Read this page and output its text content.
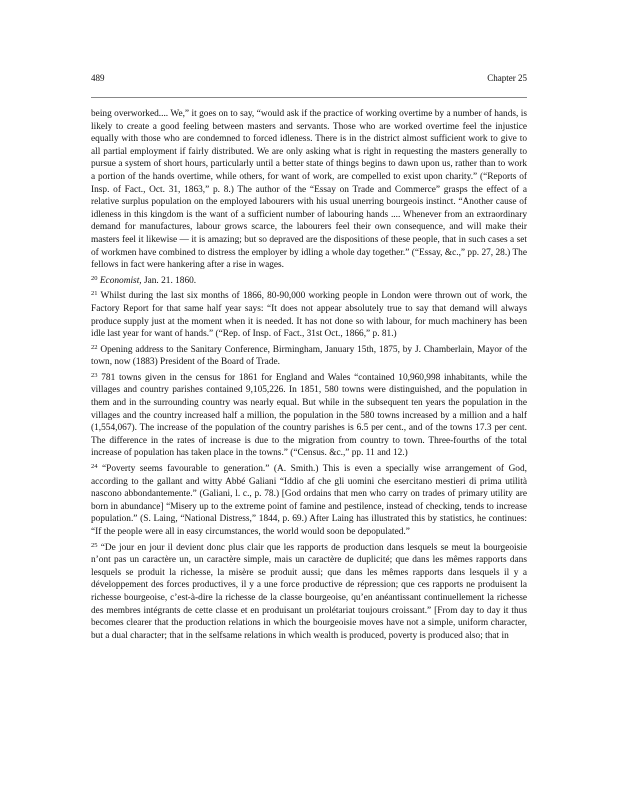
489	Chapter 25

being overworked.... We,” it goes on to say, “would ask if the practice of working overtime by a number of hands, is likely to create a good feeling between masters and servants. Those who are worked overtime feel the injustice equally with those who are condemned to forced idleness. There is in the district almost sufficient work to give to all partial employment if fairly distributed. We are only asking what is right in requesting the masters generally to pursue a system of short hours, particularly until a better state of things begins to dawn upon us, rather than to work a portion of the hands overtime, while others, for want of work, are compelled to exist upon charity.” (“Reports of Insp. of Fact., Oct. 31, 1863,” p. 8.) The author of the “Essay on Trade and Commerce” grasps the effect of a relative surplus population on the employed labourers with his usual unerring bourgeois instinct. “Another cause of idleness in this kingdom is the want of a sufficient number of labouring hands .... Whenever from an extraordinary demand for manufactures, labour grows scarce, the labourers feel their own consequence, and will make their masters feel it likewise — it is amazing; but so depraved are the dispositions of these people, that in such cases a set of workmen have combined to distress the employer by idling a whole day together.” (“Essay, &c.,” pp. 27, 28.) The fellows in fact were hankering after a rise in wages.

$^{20}$ Economist, Jan. 21. 1860.

$^{21}$ Whilst during the last six months of 1866, 80-90,000 working people in London were thrown out of work, the Factory Report for that same half year says: “It does not appear absolutely true to say that demand will always produce supply just at the moment when it is needed. It has not done so with labour, for much machinery has been idle last year for want of hands.” (“Rep. of Insp. of Fact., 31st Oct., 1866,” p. 81.)

$^{22}$ Opening address to the Sanitary Conference, Birmingham, January 15th, 1875, by J. Chamberlain, Mayor of the town, now (1883) President of the Board of Trade.

$^{23}$ 781 towns given in the census for 1861 for England and Wales “contained 10,960,998 inhabitants, while the villages and country parishes contained 9,105,226. In 1851, 580 towns were distinguished, and the population in them and in the surrounding country was nearly equal. But while in the subsequent ten years the population in the villages and the country increased half a million, the population in the 580 towns increased by a million and a half (1,554,067). The increase of the population of the country parishes is 6.5 per cent., and of the towns 17.3 per cent. The difference in the rates of increase is due to the migration from country to town. Three-fourths of the total increase of population has taken place in the towns.” (“Census. &c.,” pp. 11 and 12.)

$^{24}$ “Poverty seems favourable to generation.” (A. Smith.) This is even a specially wise arrangement of God, according to the gallant and witty Abbé Galiani “Iddio af che gli uomini che esercitano mestieri di prima utilità nascono abbondantemente.” (Galiani, l. c., p. 78.) [God ordains that men who carry on trades of primary utility are born in abundance] “Misery up to the extreme point of famine and pestilence, instead of checking, tends to increase population.” (S. Laing, “National Distress,” 1844, p. 69.) After Laing has illustrated this by statistics, he continues: “If the people were all in easy circumstances, the world would soon be depopulated.”

$^{25}$ “De jour en jour il devient donc plus clair que les rapports de production dans lesquels se meut la bourgeoisie n’ont pas un caractère un, un caractère simple, mais un caractère de duplicité; que dans les mêmes rapports dans lesquels se produit la richesse, la misère se produit aussi; que dans les mêmes rapports dans lesquels il y a développement des forces productives, il y a une force productive de répression; que ces rapports ne produisent la richesse bourgeoise, c’est-à-dire la richesse de la classe bourgeoise, qu’en anéantissant continuellement la richesse des membres intégrants de cette classe et en produisant un prolétariat toujours croissant.” [From day to day it thus becomes clearer that the production relations in which the bourgeoisie moves have not a simple, uniform character, but a dual character; that in the selfsame relations in which wealth is produced, poverty is produced also; that in
